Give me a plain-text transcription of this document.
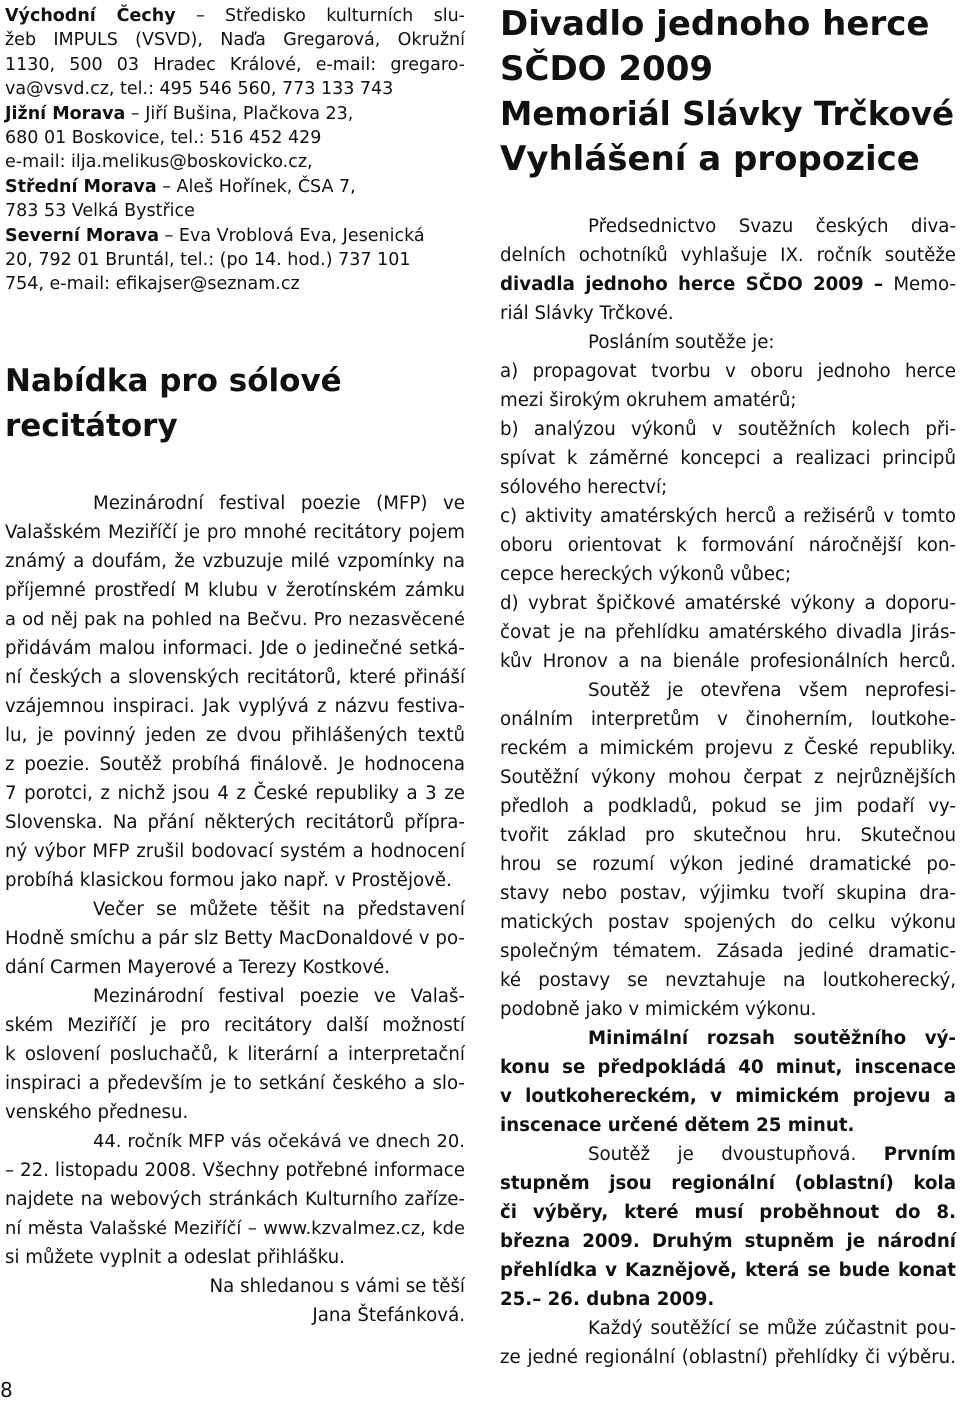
Východní Čechy – Středisko kulturních slu-
žeb IMPULS (VSVD), Naďa Gregarová, Okružní
1130, 500 03 Hradec Králové, e-mail: gregaro-
va@vsvd.cz, tel.: 495 546 560, 773 133 743
Jižní Morava – Jiří Bušina, Plačkova 23,
680 01 Boskovice, tel.: 516 452 429
e-mail: ilja.melikus@boskovicko.cz,
Střední Morava – Aleš Hořínek, ČSA 7,
783 53 Velká Bystřice
Severní Morava – Eva Vroblová Eva, Jesenická
20, 792 01 Bruntál, tel.: (po 14. hod.) 737 101
754, e-mail: efikajser@seznam.cz
Nabídka pro sólové
recitátory
Mezinárodní festival poezie (MFP) ve
Valašském Meziříčí je pro mnohé recitátory pojem
známý a doufám, že vzbuzuje milé vzpomínky na
příjemné prostředí M klubu v žerotínském zámku
a od něj pak na pohled na Bečvu. Pro nezasvěcené
přidávám malou informaci. Jde o jedinečné setká-
ní českých a slovenských recitátorů, které přináší
vzájemnou inspiraci. Jak vyplývá z názvu festiva-
lu, je povinný jeden ze dvou přihlášených textů
z poezie. Soutěž probíhá finálově. Je hodnocena
7 porotci, z nichž jsou 4 z České republiky a 3 ze
Slovenska. Na přání některých recitátorů přípra-
ný výbor MFP zrušil bodovací systém a hodnocení
probíhá klasickou formou jako např. v Prostějově.
Večer se můžete těšit na představení
Hodně smíchu a pár slz Betty MacDonaldové v po-
dání Carmen Mayerové a Terezy Kostkové.
Mezinárodní festival poezie ve Valaš-
ském Meziříčí je pro recitátory další možností
k oslovení posluchačů, k literární a interpretační
inspiraci a především je to setkání českého a slo-
venského přednesu.
44. ročník MFP vás očekává ve dnech 20.
– 22. listopadu 2008. Všechny potřebné informace
najdete na webových stránkách Kulturního zaříze-
ní města Valašské Meziříčí – www.kzvalmez.cz, kde
si můžete vyplnit a odeslat přihlášku.
Na shledanou s vámi se těší
Jana Štefánková.
Divadlo jednoho herce
SČDO 2009
Memoriál Slávky Trčkové
Vyhlášení a propozice
Předsednictvo Svazu českých diva-
delních ochotníků vyhlašuje IX. ročník soutěže
divadla jednoho herce SČDO 2009 – Memo-
riál Slávky Trčkové.
Posláním soutěže je:
a) propagovat tvorbu v oboru jednoho herce
mezi širokým okruhem amatérů;
b) analýzou výkonů v soutěžních kolech při-
spívat k záměrné koncepci a realizaci principů
sólového herectví;
c) aktivity amatérských herců a režisérů v tomto
oboru orientovat k formování náročnější kon-
cepce hereckých výkonů vůbec;
d) vybrat špičkové amatérské výkony a doporu-
čovat je na přehlídku amatérského divadla Jirás-
kův Hronov a na bienále profesionálních herců.
Soutěž je otevřena všem neprofesi-
onálním interpretům v činoherním, loutkohe-
reckém a mimickém projevu z České republiky.
Soutěžní výkony mohou čerpat z nejrůznějších
předloh a podkladů, pokud se jim podaří vy-
tvořit základ pro skutečnou hru. Skutečnou
hrou se rozumí výkon jediné dramatické po-
stavy nebo postav, výjimku tvoří skupina dra-
matických postav spojených do celku výkonu
společným tématem. Zásada jediné dramatic-
ké postavy se nevztahuje na loutkoherecký,
podobně jako v mimickém výkonu.
Minimální rozsah soutěžního vý-
konu se předpokládá 40 minut, inscenace
v loutkohereckém, v mimickém projevu a
inscenace určené dětem 25 minut.
Soutěž je dvoustupňová. Prvním
stupněm jsou regionální (oblastní) kola
či výběry, které musí proběhnout do 8.
března 2009. Druhým stupněm je národní
přehlídka v Kaznějově, která se bude konat
25.– 26. dubna 2009.
Každý soutěžící se může zúčastnit pou-
ze jedné regionální (oblastní) přehlídky či výběru.
8
